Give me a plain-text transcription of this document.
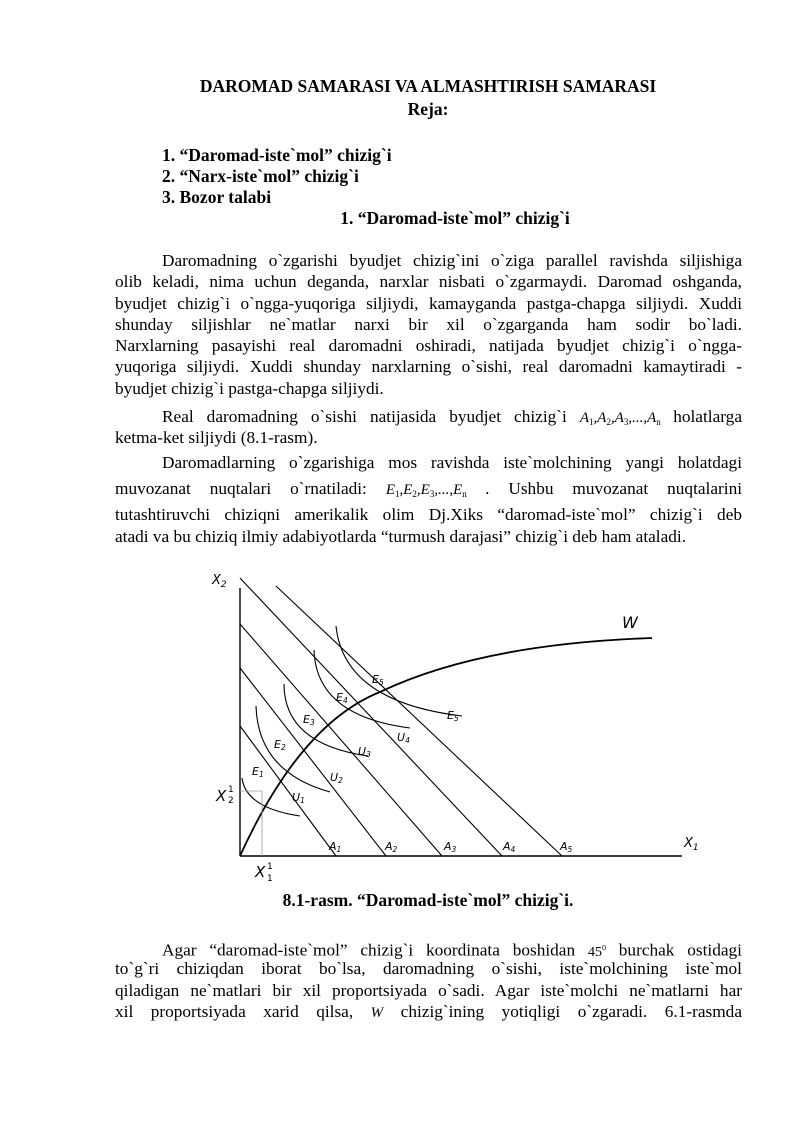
DAROMAD SAMARASI VA ALMASHTIRISH SAMARASI
Reja:
1. “Daromad-iste`mol” chizig`i
2. “Narx-iste`mol” chizig`i
3. Bozor talabi
1. “Daromad-iste`mol” chizig`i
Daromadning o`zgarishi byudjet chizig`ini o`ziga parallel ravishda siljishiga
olib keladi, nima uchun deganda, narxlar nisbati o`zgarmaydi. Daromad oshganda,
byudjet chizig`i o`ngga-yuqoriga siljiydi, kamayganda pastga-chapga siljiydi. Xuddi
shunday siljishlar ne`matlar narxi bir xil o`zgarganda ham sodir bo`ladi.
Narxlarning pasayishi real daromadni oshiradi, natijada byudjet chizig`i o`ngga-
yuqoriga siljiydi. Xuddi shunday narxlarning o`sishi, real daromadni kamaytiradi -
byudjet chizig`i pastga-chapga siljiydi.
Real daromadning o`sishi natijasida byudjet chizig`i $A_1,A_2,A_3,...,A_n$ holatlarga
ketma-ket siljiydi (8.1-rasm).
Daromadlarning o`zgarishiga mos ravishda iste`molchining yangi holatdagi
muvozanat nuqtalari o`rnatiladi: $E_1,E_2,E_3,...,E_n$ . Ushbu muvozanat nuqtalarini
tutashtiruvchi chiziqni amerikalik olim Dj.Xiks “daromad-iste`mol” chizig`i deb
atadi va bu chiziq ilmiy adabiyotlarda “turmush darajasi” chizig`i deb ham ataladi.
$X_2$
$X_1$
W
A1	A2	A3	A4	A5
E1
E2
E3
E4
E5
U1
U2
U3
U4
E5
X 1
2
X 1
1
8.1-rasm. “Daromad-iste`mol” chizig`i.
Agar “daromad-iste`mol” chizig`i koordinata boshidan $45^0$ burchak ostidagi
to`g`ri chiziqdan iborat bo`lsa, daromadning o`sishi, iste`molchining iste`mol
qiladigan ne`matlari bir xil proportsiyada o`sadi. Agar iste`molchi ne`matlarni har
xil proportsiyada xarid qilsa, W chizig`ining yotiqligi o`zgaradi. 6.1-rasmda
